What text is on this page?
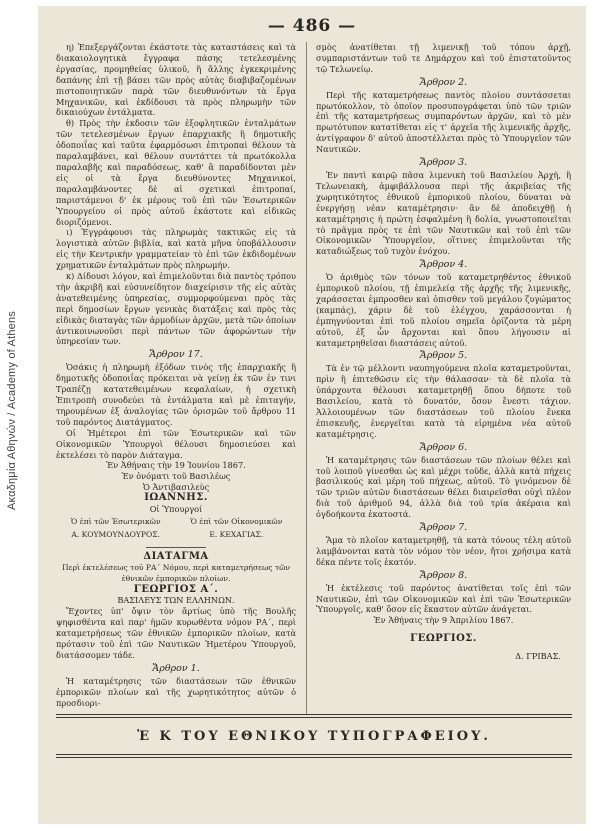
Ακαδημία Αθηνών / Academy of Athens
— 486 —

η) Ἐπεξεργάζονται ἐκάστοτε τὰς καταστάσεις καὶ τὰ διακαιολογητικὰ ἔγγραφα πάσης τετελεσμένης ἐργασίας, προμηθείας ὑλικοῦ, ἢ ἄλλης ἐγκεκριμένης δαπάνης ἐπὶ τῇ βάσει τῶν πρὸς αὐτὰς διαβιβαζομένων πιστοποιητικῶν παρὰ τῶν διευθυνόντων τὰ ἔργα Μηχανικῶν, καὶ ἐκδίδουσι τὰ πρὸς πληρωμὴν τῶν δικαιούχων ἐντάλματα.

θ) Πρὸς τὴν ἐκδοσιν τῶν ἐξοφλητικῶν ἐνταλμάτων τῶν τετελεσμένων ἔργων ἐπαρχιακῆς ἢ δημοτικῆς ὁδοποιΐας καὶ ταῦτα ἐφαρμόσωσι ἐπιτροπαὶ θέλουν τὰ παραλαμβάνει, καὶ θέλουν συντάττει τὰ πρωτόκολλα παραλαβῆς καὶ παραδόσεως, καθ' ἃ παραδίδονται μὲν εἰς οἱ τὰ ἔργα διευθύνοντες Μηχανικοί, παραλαμβάνοντες δὲ αἱ σχετικαὶ ἐπιτροπαί, παριστάμενοι δ' ἐκ μέρους τοῦ ἐπὶ τῶν Ἐσωτερικῶν Ὑπουργείου οἱ πρὸς αὐτοῦ ἑκάστοτε καὶ εἰδικῶς διοριζόμενοι.

ι) Ἐγγράφουσι τὰς πληρωμὰς τακτικῶς εἰς τὰ λογιστικὰ αὐτῶν βιβλία, καὶ κατὰ μῆνα ὑποβάλλουσιν εἰς τὴν Κεντρικὴν γραμματείαν τὸ ἐπὶ τῶν ἐκδιδομένων χρηματικῶν ἐνταλμάτων πρὸς πληρωμήν.

κ) Δίδουσι λόγον, καὶ ἐπιμελοῦνται διὰ παντὸς τρόπου τὴν ἀκριβῆ καὶ εὐσυνείδητον διαχείρισιν τῆς εἰς αὐτὰς ἀνατεθειμένης ὑπηρεσίας, συμμορφούμεναι πρὸς τὰς περὶ δημοσίων ἔργων γενικὰς διατάξεις καὶ πρὸς τὰς εἰδικὰς διαταγὰς τῶν ἁρμοδίων ἀρχῶν, μετὰ τῶν ὁποίων ἀντικοινωνοῦσι περὶ πάντων τῶν ἀφορώντων τὴν ὑπηρεσίαν των.

Ἄρθρον 17.

Ὁσάκις ἡ πληρωμὴ ἐξόδων τινὸς τῆς ἐπαρχιακῆς ἢ δημοτικῆς ὁδοποιΐας πρόκειται νὰ γείνῃ ἐκ τῶν ἐν τινι Τραπέζῃ κατατεθειμένων κεφαλαίων, ἡ σχετικὴ Ἐπιτροπὴ συνοδεύει τὰ ἐντάλματα καὶ μὲ ἐπιταγήν, τηρουμένων ἐξ ἀναλογίας τῶν ὁρισμῶν τοῦ ἄρθρου 11 τοῦ παρόντος Διατάγματος.

Οἱ Ἡμέτεροι ἐπὶ τῶν Ἐσωτερικῶν καὶ τῶν Οἰκονομικῶν Ὑπουργοὶ θέλουσι δημοσιεύσει καὶ ἐκτελέσει τὸ παρὸν Διάταγμα.

Ἐν Ἀθήναις τὴν 19 Ἰουνίου 1867.

Ἐν ὀνόματι τοῦ Βασιλέως

Ὁ Ἀντιβασιλεὺς

ΙΩΑΝΝΗΣ.

Οἱ Ὑπουργοί

Ὁ ἐπὶ τῶν Ἐσωτερικῶν	Ὁ ἐπὶ τῶν Οἰκονομικῶν

Α. ΚΟΥΜΟΥΝΔΟΥΡΟΣ.	Ε. ΚΕΧΑΓΙΑΣ.

ΔΙΑΤΑΓΜΑ

Περὶ ἐκτελέσεως τοῦ ΡΑ΄ Νόμου, περὶ καταμετρήσεως τῶν ἐθνικῶν ἐμπορικῶν πλοίων.

ΓΕΩΡΓΙΟΣ Α΄.

ΒΑΣΙΛΕΥΣ ΤΩΝ ΕΛΛΗΝΩΝ.

Ἔχοντες ὑπ' ὄψιν τὸν ἄρτίως ὑπὸ τῆς Βουλῆς ψηφισθέντα καὶ παρ' ἡμῶν κυρωθέντα νόμον ΡΑ΄, περὶ καταμετρήσεως τῶν ἐθνικῶν ἐμπορικῶν πλοίων, κατὰ πρότασιν τοῦ ἐπὶ τῶν Ναυτικῶν Ἡμετέρου Ὑπουργοῦ, διατάσσομεν τάδε.

Ἄρθρον 1.

Ἡ καταμέτρησις τῶν διαστάσεων τῶν ἐθνικῶν ἐμπορικῶν πλοίων καὶ τῆς χωρητικότητος αὐτῶν ὁ προσδιορι-

σμὸς ἀνατίθεται τῇ λιμενικῇ τοῦ τόπου ἀρχῇ, συμπαριστάντων τοῦ τε Δημάρχου καὶ τοῦ ἐπιστατοῦντος τῷ Τελωνείῳ.

Ἄρθρον 2.

Περὶ τῆς καταμετρήσεως παντὸς πλοίου συντάσσεται πρωτόκολλον, τὸ ὁποῖον προσυπογράφεται ὑπὸ τῶν τριῶν ἐπὶ τῆς καταμετρήσεως συμπαρόντων ἀρχῶν, καὶ τὸ μὲν πρωτότυπον κατατίθεται εἰς τ' ἀρχεῖα τῆς λιμενικῆς ἀρχῆς, ἀντίγραφον δ' αὐτοῦ ἀποστέλλεται πρὸς τὸ Ὑπουργεῖον τῶν Ναυτικῶν.

Ἄρθρον 3.

Ἐν παντὶ καιρῷ πᾶσα λιμενικὴ τοῦ Βασιλείου Ἀρχὴ, ἢ Τελωνειακὴ, ἀμφιβάλλουσα περὶ τῆς ἀκριβείας τῆς χωρητικότητος ἐθνικοῦ ἐμπορικοῦ πλοίου, δύναται νὰ ἐνεργήσῃ νέαν καταμέτρησιν· ἂν δὲ ἀποδειχθῇ ἡ καταμέτρησις ἡ πρώτη ἐσφαλμένη ἢ δολία, γνωστοποιεῖται τὸ πρᾶγμα πρὸς τε ἐπὶ τῶν Ναυτικῶν καὶ τοῦ ἐπὶ τῶν Οἰκονομικῶν Ὑπουργεῖον, οἵτινες ἐπιμελοῦνται τῆς καταδιώξεως τοῦ τυχὸν ἐνόχου.

Ἄρθρον 4.

Ὁ ἀριθμὸς τῶν τόνων τοῦ καταμετρηθέντος ἐθνικοῦ ἐμπορικοῦ πλοίου, τῇ ἐπιμελείᾳ τῆς ἀρχῆς τῆς λιμενικῆς, χαράσσεται ἐμπροσθεν καὶ ὀπισθεν τοῦ μεγάλου ζυγώματος (καμπάς), χάριν δὲ τοῦ ἐλέγχου, χαράσσονται ἡ ἐμπηγνύονται ἐπὶ τοῦ πλοίου σημεῖα ὁρίζοντα τὰ μέρη αὐτοῦ, ἐξ ὧν ἄρχονται καὶ ὅπου λήγουσιν αἱ καταμετρηθεῖσαι διαστάσεις αὐτοῦ.

Ἄρθρον 5.

Τὰ ἐν τῷ μέλλοντι ναυπηγούμενα πλοῖα καταμετροῦνται, πρὶν ἢ ἐπιτεθῶσιν εἰς τὴν θάλασσαν· τὰ δὲ πλοῖα τὰ ὑπάρχοντα θέλουσι καταμετρηθῇ ὅπου δήποτε τοῦ Βασιλείου, κατὰ τὸ δυνατόν, ὅσον ἔνεστι τάχιον. Ἀλλοιουμένων τῶν διαστάσεων τοῦ πλοίου ἕνεκα ἐπισκευῆς, ἐνεργεῖται κατὰ τὰ εἰρημένα νέα αὐτοῦ καταμέτρησις.

Ἄρθρον 6.

Ἡ καταμέτρησις τῶν διαστάσεων τῶν πλοίων θέλει καὶ τοῦ λοιποῦ γίνεσθαι ὡς καὶ μέχρι τοῦδε, ἀλλὰ κατὰ πήχεις βασιλικούς καὶ μέρη τοῦ πήχεως, αὐτοῦ. Τὸ γινόμενον δὲ τῶν τριῶν αὐτῶν διαστάσεων θέλει διαιρεῖσθαι οὐχὶ πλέον διὰ τοῦ ἀριθμοῦ 94, ἀλλὰ διὰ τοῦ τρία ἀκέραια καὶ ὀγδοήκοντα ἑκατοστά.

Ἄρθρον 7.

Ἅμα τὸ πλοῖον καταμετρηθῇ, τὰ κατὰ τόνους τέλη αὐτοῦ λαμβάνονται κατὰ τὸν νόμον τὸν νέον, ἤτοι χρήσιμα κατὰ δέκα πέντε τοῖς ἑκατόν.

Ἄρθρον 8.

Ἡ ἐκτέλεσις τοῦ παρόντος ἀνατίθεται τοῖς ἐπὶ τῶν Ναυτικῶν, ἐπὶ τῶν Οἰκονομικῶν καὶ ἐπὶ τῶν Ἐσωτερικῶν Ὑπουργοῖς, καθ' ὅσον εἰς ἕκαστον αὐτῶν ἀνάγεται.

Ἐν Ἀθήναις τὴν 9 Ἀπριλίου 1867.

ΓΕΩΡΓΙΟΣ.

Δ. ΓΡΙΒΑΣ.

Ἐ Κ ΤΟΥ ΕΘΝΙΚΟΥ ΤΥΠΟΓΡΑΦΕΙΟΥ.
